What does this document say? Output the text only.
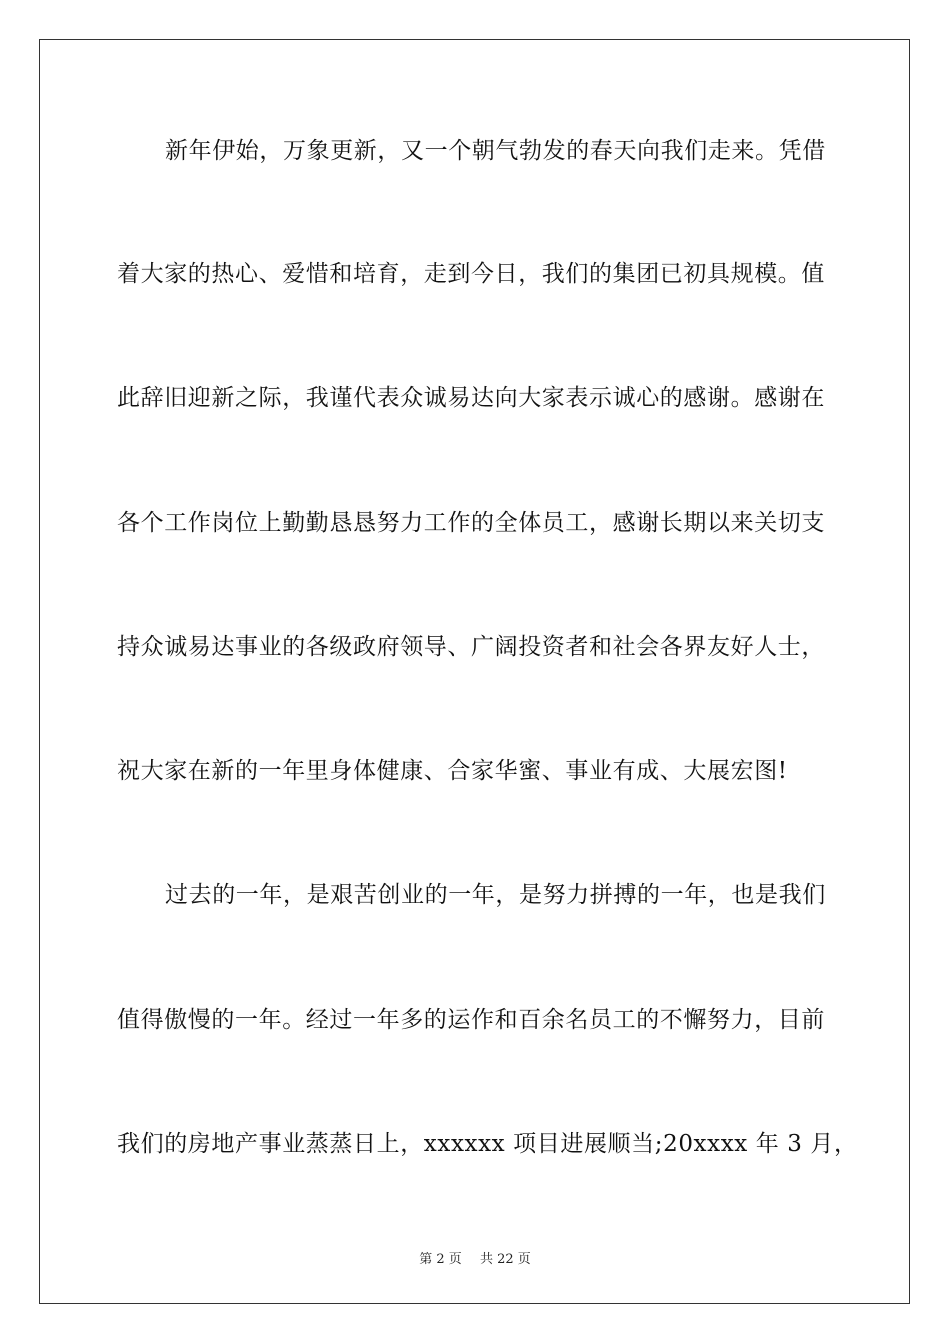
新年伊始，万象更新，又一个朝气勃发的春天向我们走来。凭借
着大家的热心、爱惜和培育，走到今日，我们的集团已初具规模。值
此辞旧迎新之际，我谨代表众诚易达向大家表示诚心的感谢。感谢在
各个工作岗位上勤勤恳恳努力工作的全体员工，感谢长期以来关切支
持众诚易达事业的各级政府领导、广阔投资者和社会各界友好人士，
祝大家在新的一年里身体健康、合家华蜜、事业有成、大展宏图!
过去的一年，是艰苦创业的一年，是努力拼搏的一年，也是我们
值得傲慢的一年。经过一年多的运作和百余名员工的不懈努力，目前
我们的房地产事业蒸蒸日上，xxxxxx 项目进展顺当;20xxxx 年 3 月，
第 2 页 共 22 页
